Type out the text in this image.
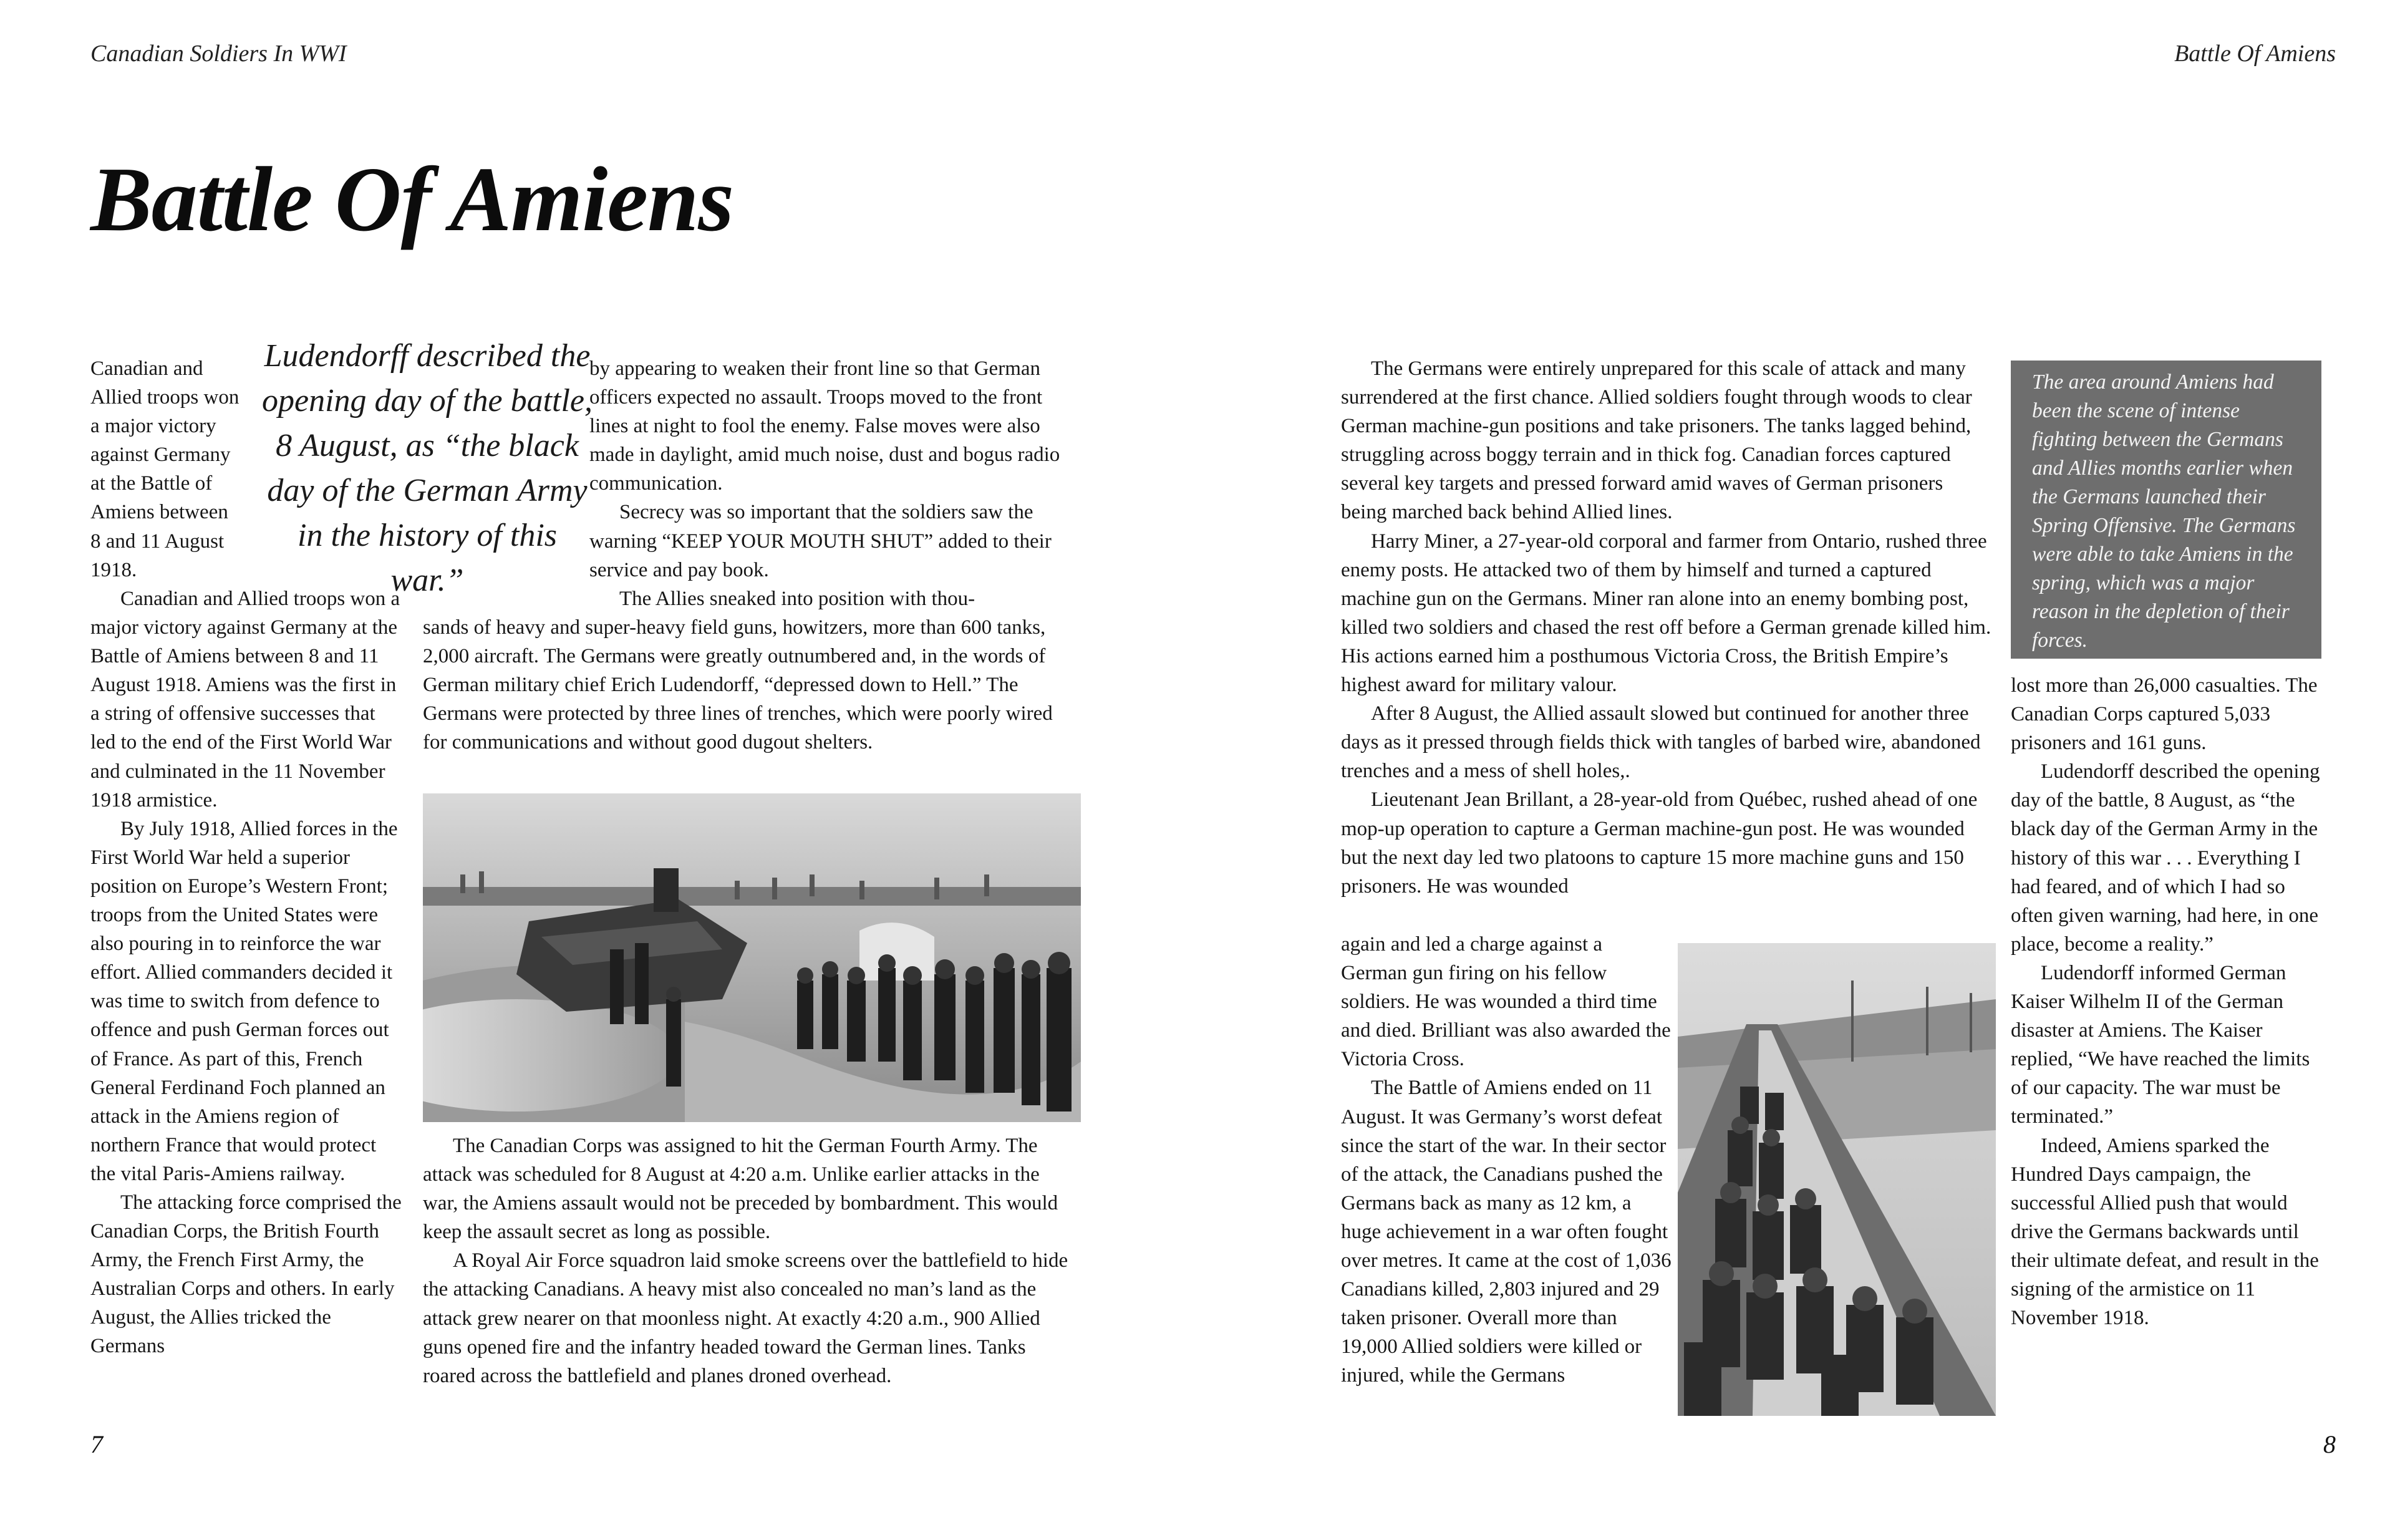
Canadian Soldiers In WWI	Battle Of Amiens
Battle Of Amiens

Canadian and Allied troops won a major victory against Germany at the Battle of Amiens between 8 and 11 August 1918.

Ludendorff described the opening day of the battle, 8 August, as “the black day of the German Army in the history of this war.”

Canadian and Allied troops won a major victory against Germany at the Battle of Amiens between 8 and 11 August 1918. Amiens was the first in a string of offensive successes that led to the end of the First World War and culminated in the 11 November 1918 armistice.

By July 1918, Allied forces in the First World War held a superior position on Europe’s Western Front; troops from the United States were also pouring in to reinforce the war effort. Allied commanders decided it was time to switch from defence to offence and push German forces out of France. As part of this, French General Ferdinand Foch planned an attack in the Amiens region of northern France that would protect the vital Paris-Amiens railway.

The attacking force comprised the Canadian Corps, the British Fourth Army, the French First Army, the Australian Corps and others. In early August, the Allies tricked the Germans

by appearing to weaken their front line so that German officers expected no assault. Troops moved to the front lines at night to fool the enemy. False moves were also made in daylight, amid much noise, dust and bogus radio communication.

Secrecy was so important that the soldiers saw the warning “KEEP YOUR MOUTH SHUT” added to their service and pay book.

The Allies sneaked into position with thou-

sands of heavy and super-heavy field guns, howitzers, more than 600 tanks, 2,000 aircraft. The Germans were greatly outnumbered and, in the words of German military chief Erich Ludendorff, “depressed down to Hell.” The Germans were protected by three lines of trenches, which were poorly wired for communications and without good dugout shelters.

The Canadian Corps was assigned to hit the German Fourth Army. The attack was scheduled for 8 August at 4:20 a.m. Unlike earlier attacks in the war, the Amiens assault would not be preceded by bombardment. This would keep the assault secret as long as possible.

A Royal Air Force squadron laid smoke screens over the battlefield to hide the attacking Canadians. A heavy mist also concealed no man’s land as the attack grew nearer on that moonless night. At exactly 4:20 a.m., 900 Allied guns opened fire and the infantry headed toward the German lines. Tanks roared across the battlefield and planes droned overhead.

7

The Germans were entirely unprepared for this scale of attack and many surrendered at the first chance. Allied soldiers fought through woods to clear German machine-gun positions and take prisoners. The tanks lagged behind, struggling across boggy terrain and in thick fog. Canadian forces captured several key targets and pressed forward amid waves of German prisoners being marched back behind Allied lines.

Harry Miner, a 27-year-old corporal and farmer from Ontario, rushed three enemy posts. He attacked two of them by himself and turned a captured machine gun on the Germans. Miner ran alone into an enemy bombing post, killed two soldiers and chased the rest off before a German grenade killed him. His actions earned him a posthumous Victoria Cross, the British Empire’s highest award for military valour.

After 8 August, the Allied assault slowed but continued for another three days as it pressed through fields thick with tangles of barbed wire, abandoned trenches and a mess of shell holes,.

Lieutenant Jean Brillant, a 28-year-old from Québec, rushed ahead of one mop-up operation to capture a German machine-gun post. He was wounded but the next day led two platoons to capture 15 more machine guns and 150 prisoners. He was wounded

again and led a charge against a German gun firing on his fellow soldiers. He was wounded a third time and died. Brilliant was also awarded the Victoria Cross.

The Battle of Amiens ended on 11 August. It was Germany’s worst defeat since the start of the war. In their sector of the attack, the Canadians pushed the Germans back as many as 12 km, a huge achievement in a war often fought over metres. It came at the cost of 1,036 Canadians killed, 2,803 injured and 29 taken prisoner. Overall more than 19,000 Allied soldiers were killed or injured, while the Germans

The area around Amiens had been the scene of intense fighting between the Germans and Allies months earlier when the Germans launched their Spring Offensive. The Germans were able to take Amiens in the spring, which was a major reason in the depletion of their forces.

lost more than 26,000 casualties. The Canadian Corps captured 5,033 prisoners and 161 guns.

Ludendorff described the opening day of the battle, 8 August, as “the black day of the German Army in the history of this war . . . Everything I had feared, and of which I had so often given warning, had here, in one place, become a reality.”

Ludendorff informed German Kaiser Wilhelm II of the German disaster at Amiens. The Kaiser replied, “We have reached the limits of our capacity. The war must be terminated.”

Indeed, Amiens sparked the Hundred Days campaign, the successful Allied push that would drive the Germans backwards until their ultimate defeat, and result in the signing of the armistice on 11 November 1918.

8
